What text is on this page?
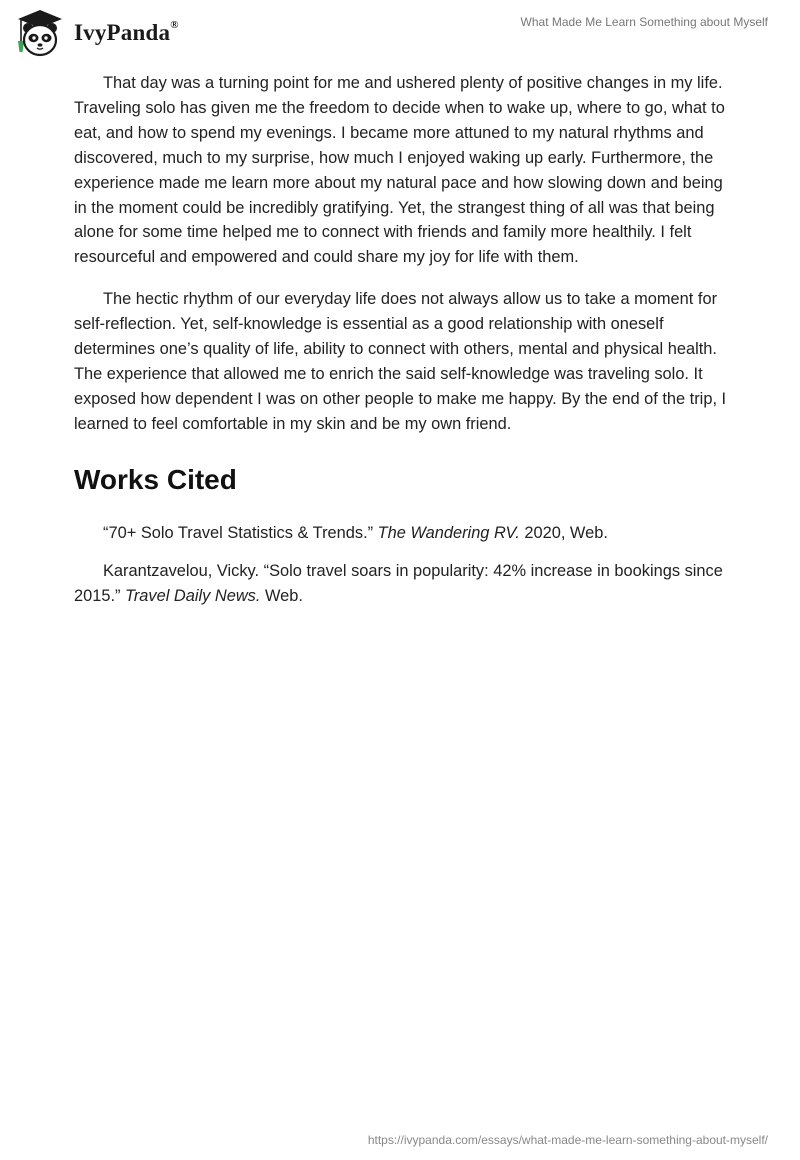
IvyPanda®	What Made Me Learn Something about Myself

That day was a turning point for me and ushered plenty of positive changes in my life. Traveling solo has given me the freedom to decide when to wake up, where to go, what to eat, and how to spend my evenings. I became more attuned to my natural rhythms and discovered, much to my surprise, how much I enjoyed waking up early. Furthermore, the experience made me learn more about my natural pace and how slowing down and being in the moment could be incredibly gratifying. Yet, the strangest thing of all was that being alone for some time helped me to connect with friends and family more healthily. I felt resourceful and empowered and could share my joy for life with them.

The hectic rhythm of our everyday life does not always allow us to take a moment for self-reflection. Yet, self-knowledge is essential as a good relationship with oneself determines one’s quality of life, ability to connect with others, mental and physical health. The experience that allowed me to enrich the said self-knowledge was traveling solo. It exposed how dependent I was on other people to make me happy. By the end of the trip, I learned to feel comfortable in my skin and be my own friend.

Works Cited

“70+ Solo Travel Statistics & Trends.” The Wandering RV. 2020, Web.

Karantzavelou, Vicky. “Solo travel soars in popularity: 42% increase in bookings since 2015.” Travel Daily News. Web.

https://ivypanda.com/essays/what-made-me-learn-something-about-myself/
